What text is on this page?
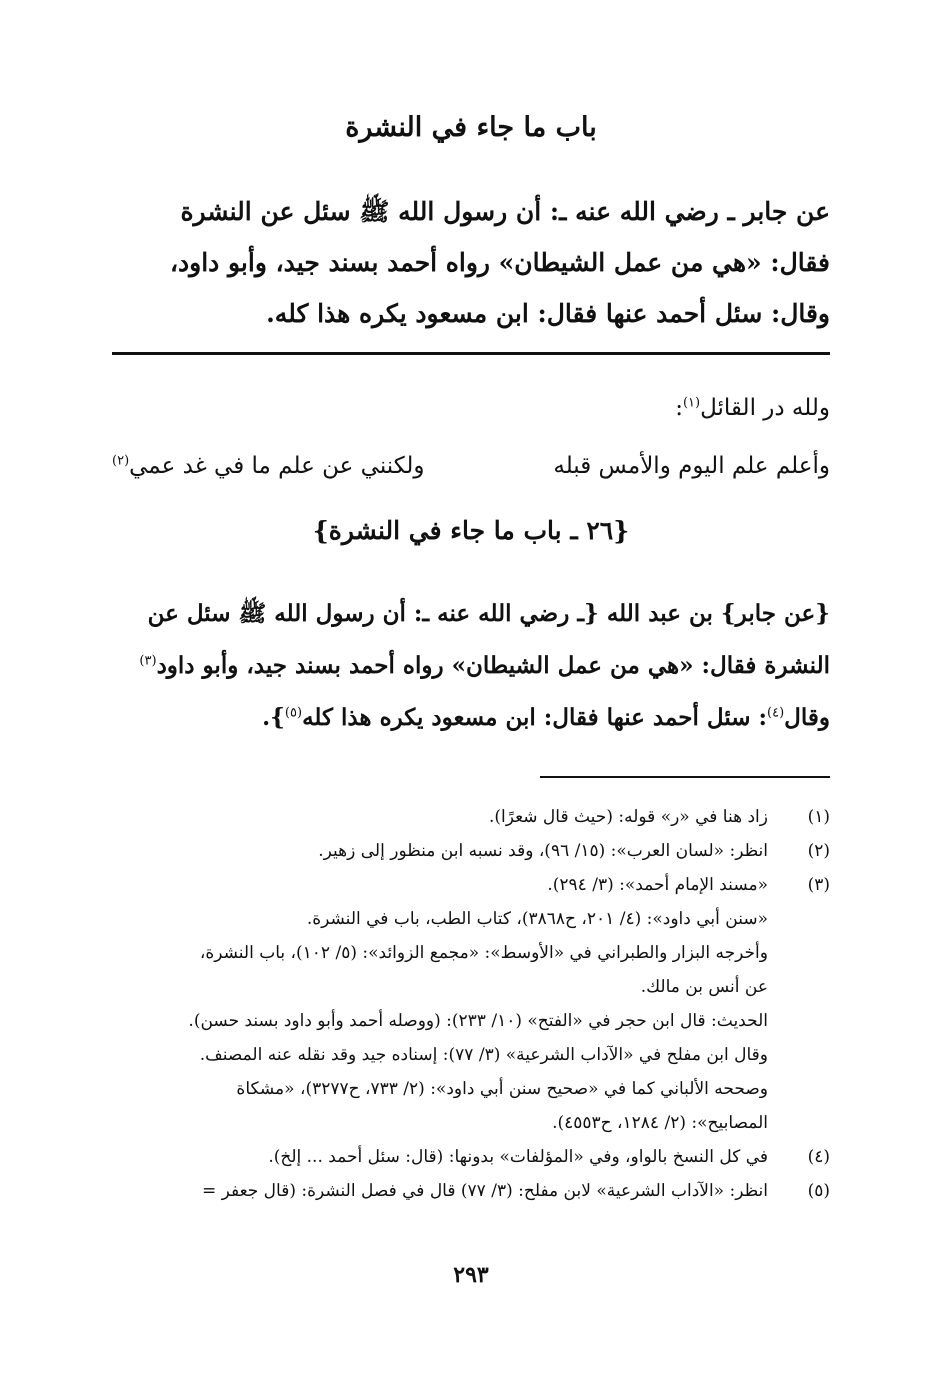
باب ما جاء في النشرة

عن جابر ـ رضي الله عنه ـ: أن رسول الله ﷺ سئل عن النشرة

فقال: «هي من عمل الشيطان» رواه أحمد بسند جيد، وأبو داود،

وقال: سئل أحمد عنها فقال: ابن مسعود يكره هذا كله.

ولله در القائل$^{(١)}$:
وأعلم علم اليوم والأمس قبله
ولكنني عن علم ما في غد عمي$^{(٢)}$
{٢٦ ـ باب ما جاء في النشرة}

{عن جابر} بن عبد الله {ـ رضي الله عنه ـ: أن رسول الله ﷺ سئل عن

النشرة فقال: «هي من عمل الشيطان» رواه أحمد بسند جيد، وأبو داود$^{(٣)}$

وقال$^{(٤)}$: سئل أحمد عنها فقال: ابن مسعود يكره هذا كله$^{(٥)}$}.

(١)
زاد هنا في «ر» قوله: (حيث قال شعرًا).
(٢)
انظر: «لسان العرب»: (١٥/ ٩٦)، وقد نسبه ابن منظور إلى زهير.
(٣)
«مسند الإمام أحمد»: (٣/ ٢٩٤).
«سنن أبي داود»: (٤/ ٢٠١، ح٣٨٦٨)، كتاب الطب، باب في النشرة.
وأخرجه البزار والطبراني في «الأوسط»: «مجمع الزوائد»: (٥/ ١٠٢)، باب النشرة،
عن أنس بن مالك.
الحديث: قال ابن حجر في «الفتح» (١٠/ ٢٣٣): (ووصله أحمد وأبو داود بسند حسن).
وقال ابن مفلح في «الآداب الشرعية» (٣/ ٧٧): إسناده جيد وقد نقله عنه المصنف.
وصححه الألباني كما في «صحيح سنن أبي داود»: (٢/ ٧٣٣، ح٣٢٧٧)، «مشكاة
المصابيح»: (٢/ ١٢٨٤، ح٤٥٥٣).
(٤)
في كل النسخ بالواو، وفي «المؤلفات» بدونها: (قال: سئل أحمد ... إلخ).
(٥)
انظر: «الآداب الشرعية» لابن مفلح: (٣/ ٧٧) قال في فصل النشرة: (قال جعفر =
٢٩٣
